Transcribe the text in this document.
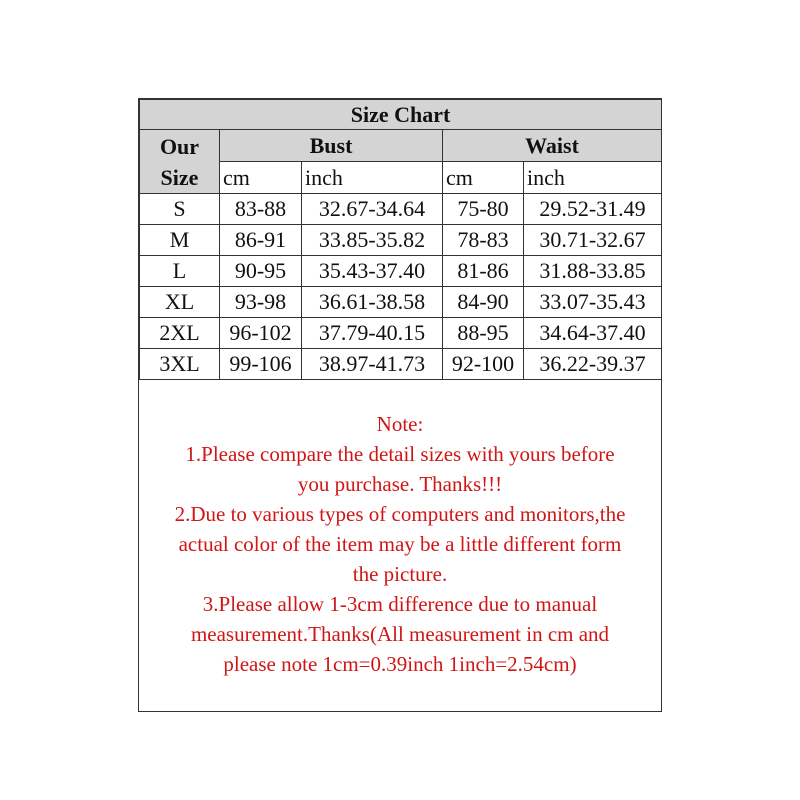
Size Chart				

Our
Size	Bust		Waist	
	cm	inch	cm	inch
S	83-88	32.67-34.64	75-80	29.52-31.49
M	86-91	33.85-35.82	78-83	30.71-32.67
L	90-95	35.43-37.40	81-86	31.88-33.85
XL	93-98	36.61-38.58	84-90	33.07-35.43
2XL	96-102	37.79-40.15	88-95	34.64-37.40
3XL	99-106	38.97-41.73	92-100	36.22-39.37
Note:
1.Please compare the detail sizes with yours before
you purchase. Thanks!!!
2.Due to various types of computers and monitors,the
actual color of the item may be a little different form
the picture.
3.Please allow 1-3cm difference due to manual
measurement.Thanks(All measurement in cm and
please note 1cm=0.39inch 1inch=2.54cm)
